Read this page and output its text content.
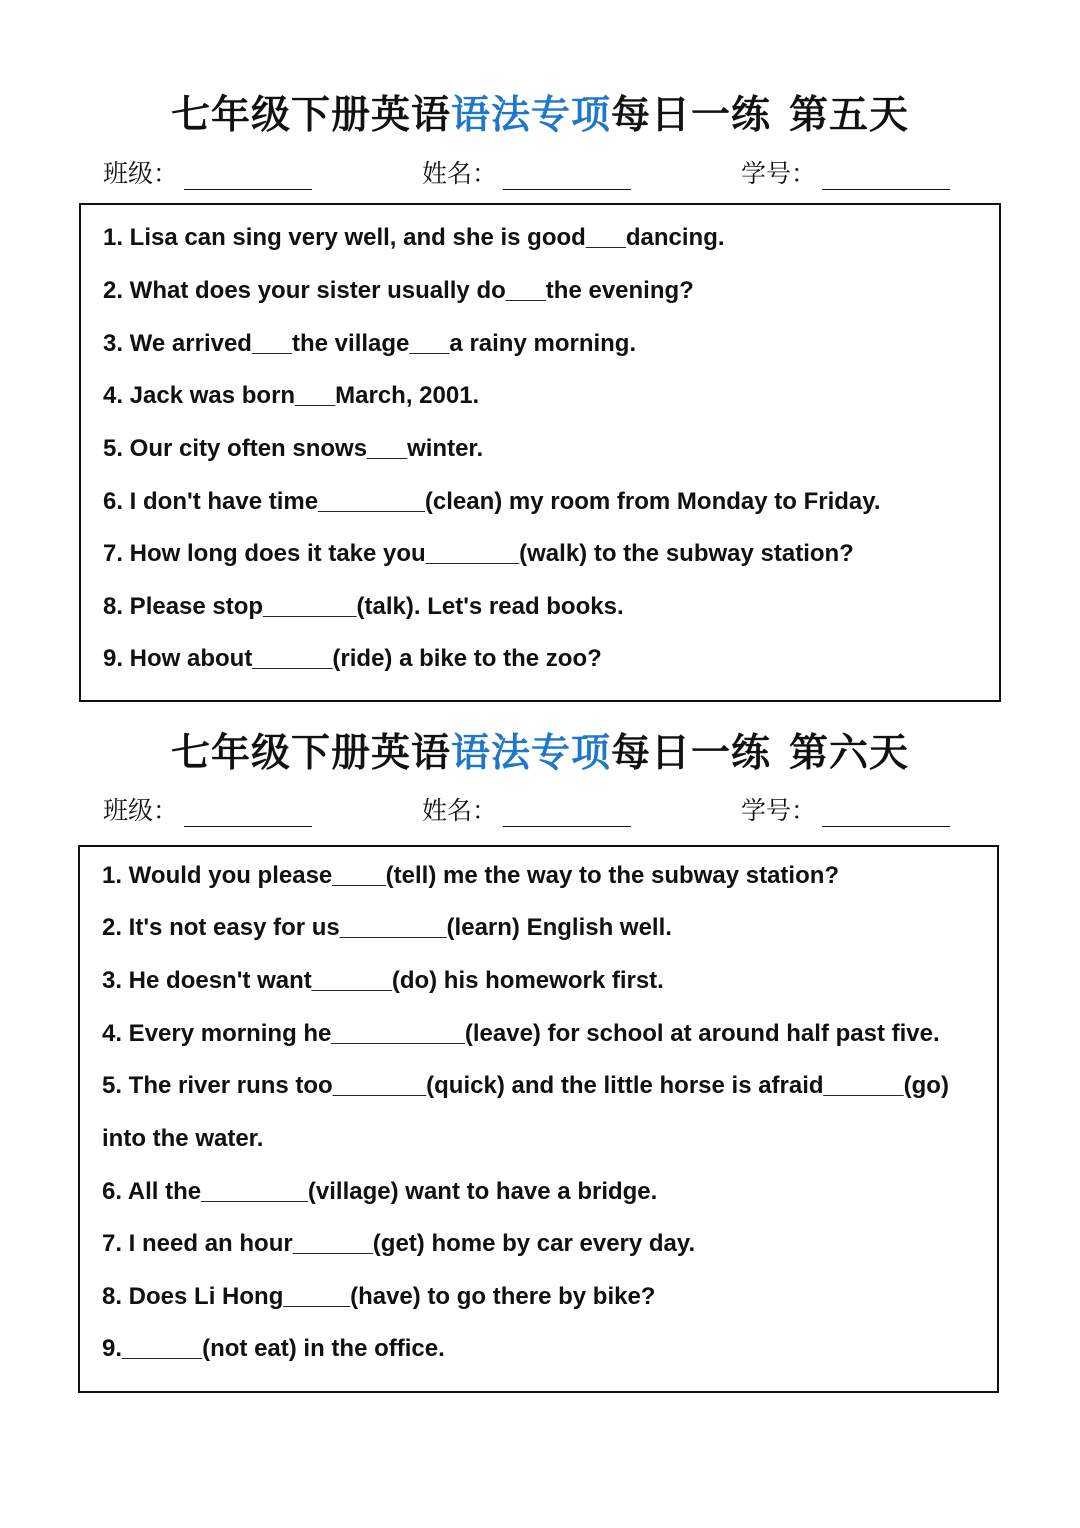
七年级下册英语语法专项每日一练 第五天
班级：	姓名：	学号：
1. Lisa can sing very well, and she is good___dancing.
2. What does your sister usually do___the evening?
3. We arrived___the village___a rainy morning.
4. Jack was born___March, 2001.
5. Our city often snows___winter.
6. I don't have time________(clean) my room from Monday to Friday.
7. How long does it take you_______(walk) to the subway station?
8. Please stop_______(talk). Let's read books.
9. How about______(ride) a bike to the zoo?
七年级下册英语语法专项每日一练 第六天
班级：	姓名：	学号：
1. Would you please____(tell) me the way to the subway station?
2. It's not easy for us________(learn) English well.
3. He doesn't want______(do) his homework first.
4. Every morning he__________(leave) for school at around half past five.
5. The river runs too_______(quick) and the little horse is afraid______(go)
into the water.
6. All the________(village) want to have a bridge.
7. I need an hour______(get) home by car every day.
8. Does Li Hong_____(have) to go there by bike?
9.______(not eat) in the office.
